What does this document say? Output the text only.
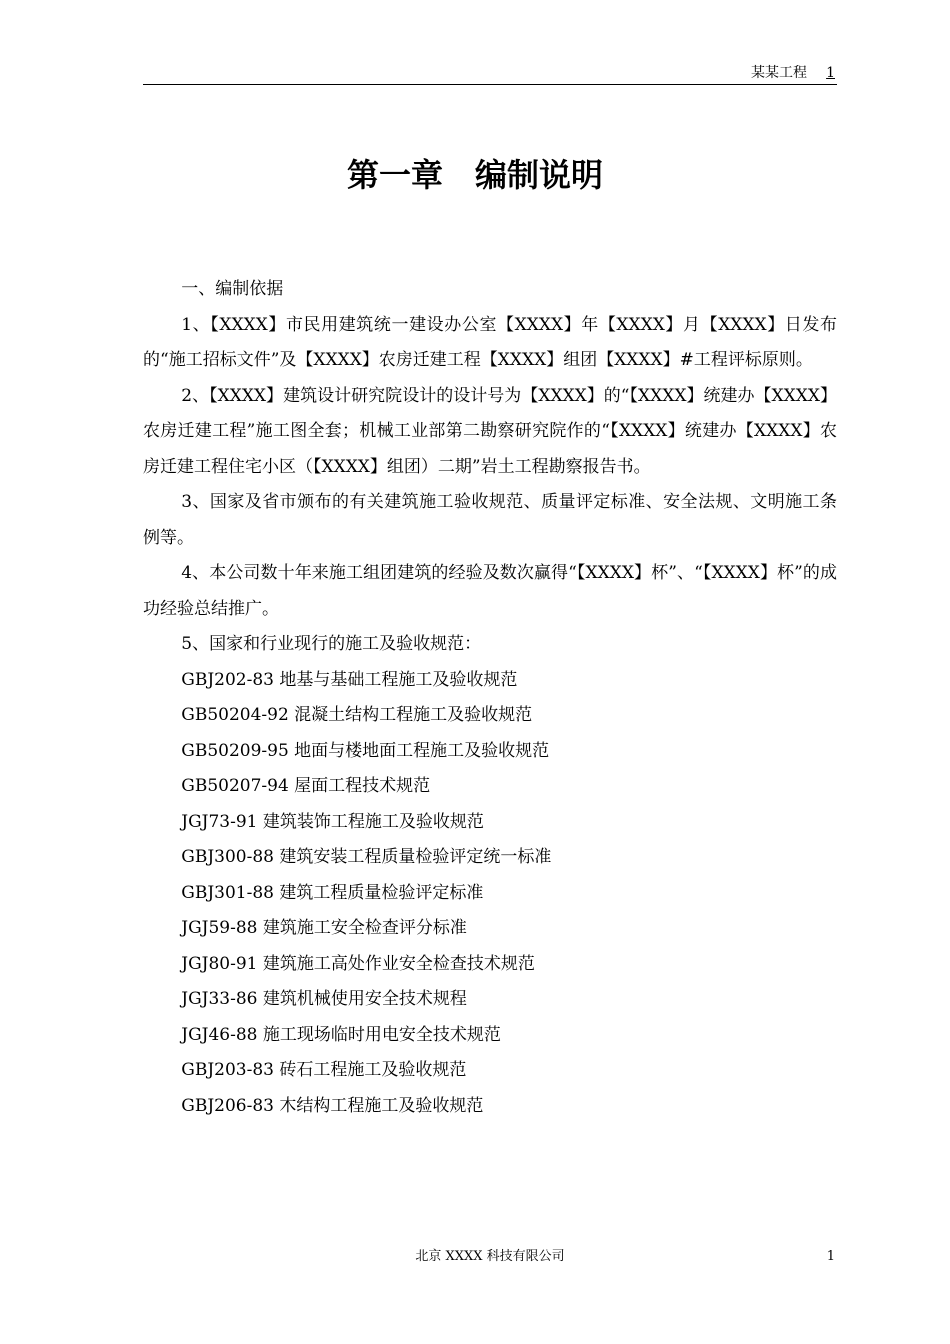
某某工程 1
第一章　编制说明

一、编制依据

1、【XXXX】市民用建筑统一建设办公室【XXXX】年【XXXX】月【XXXX】日发布的“施工招标文件”及【XXXX】农房迁建工程【XXXX】组团【XXXX】#工程评标原则。

2、【XXXX】建筑设计研究院设计的设计号为【XXXX】的“【XXXX】统建办【XXXX】农房迁建工程”施工图全套；机械工业部第二勘察研究院作的“【XXXX】统建办【XXXX】农房迁建工程住宅小区（【XXXX】组团）二期”岩土工程勘察报告书。

3、国家及省市颁布的有关建筑施工验收规范、质量评定标准、安全法规、文明施工条例等。

4、本公司数十年来施工组团建筑的经验及数次赢得“【XXXX】杯”、“【XXXX】杯”的成功经验总结推广。

5、国家和行业现行的施工及验收规范：

GBJ202-83 地基与基础工程施工及验收规范

GB50204-92 混凝土结构工程施工及验收规范

GB50209-95 地面与楼地面工程施工及验收规范

GB50207-94 屋面工程技术规范

JGJ73-91 建筑装饰工程施工及验收规范

GBJ300-88 建筑安装工程质量检验评定统一标准

GBJ301-88 建筑工程质量检验评定标准

JGJ59-88 建筑施工安全检查评分标准

JGJ80-91 建筑施工高处作业安全检查技术规范

JGJ33-86 建筑机械使用安全技术规程

JGJ46-88 施工现场临时用电安全技术规范

GBJ203-83 砖石工程施工及验收规范

GBJ206-83 木结构工程施工及验收规范

北京 XXXX 科技有限公司	1
